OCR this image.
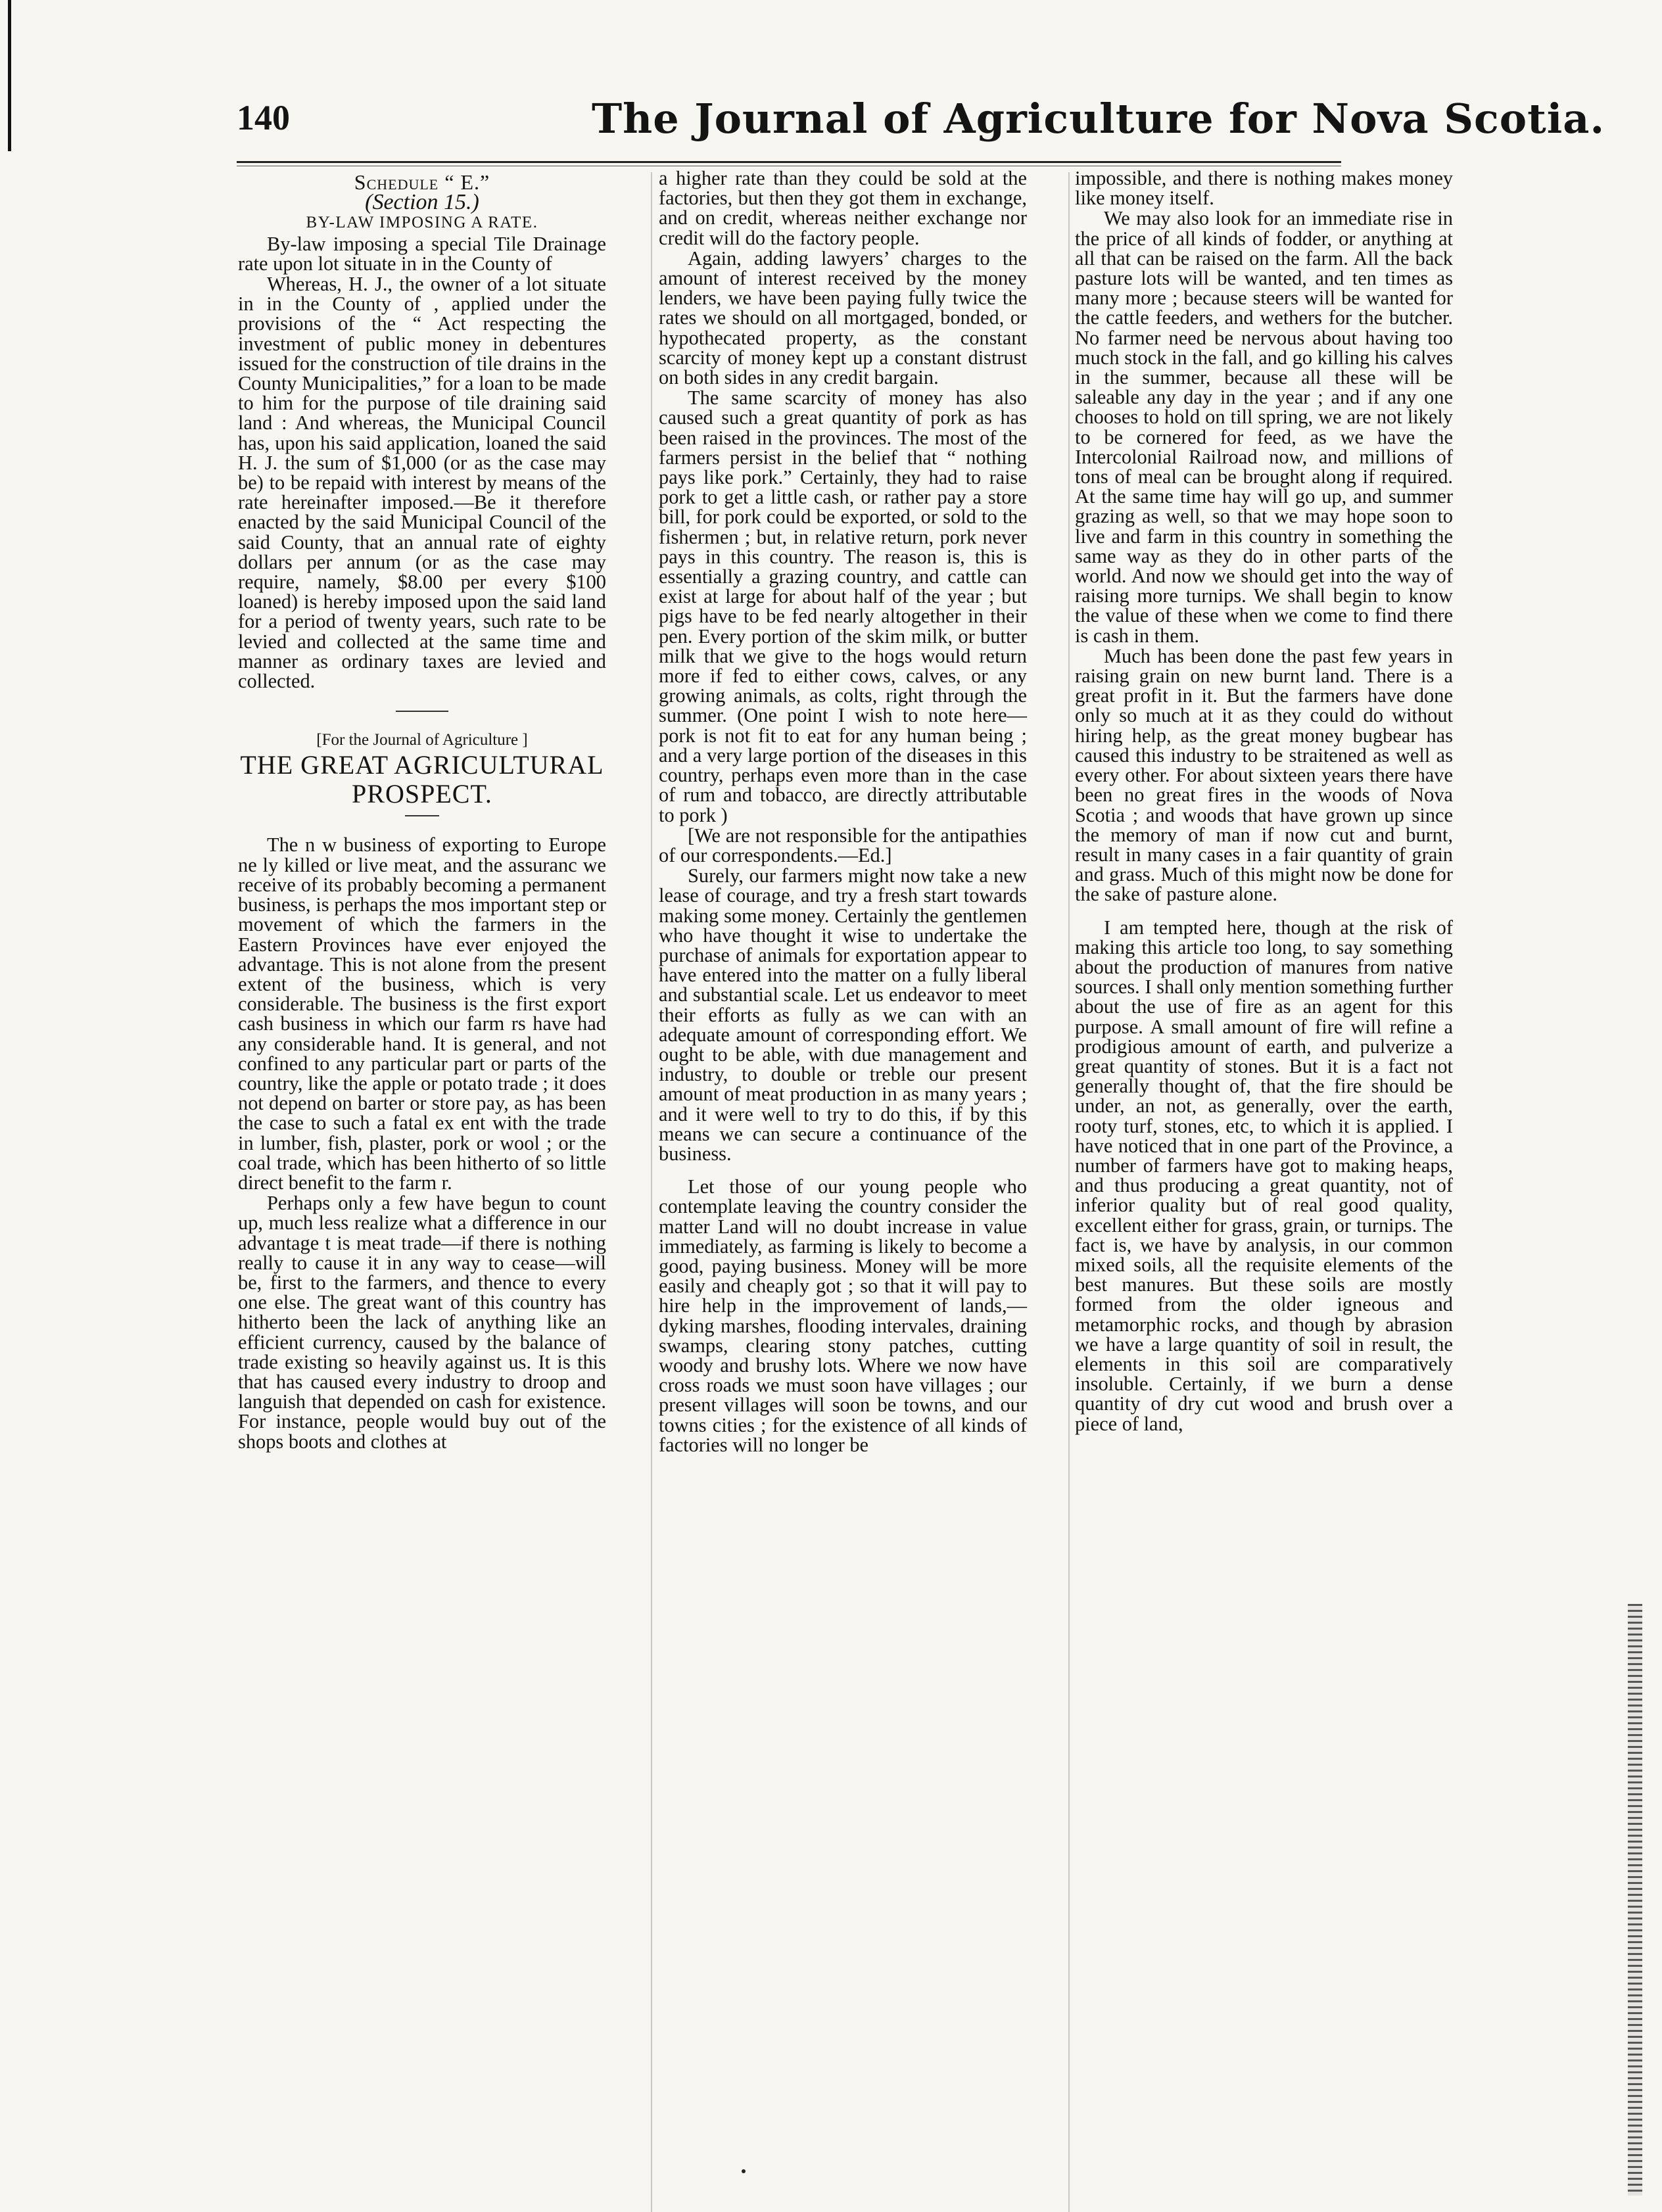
140	The Journal of Agriculture for Nova Scotia.

Schedule “ E.”

(Section 15.)

BY-LAW IMPOSING A RATE.

By-law imposing a special Tile Drainage rate upon lot situate in in the County of

Whereas, H. J., the owner of a lot situate in in the County of , applied under the provisions of the “ Act respecting the investment of public money in debentures issued for the construction of tile drains in the County Municipalities,” for a loan to be made to him for the purpose of tile draining said land : And whereas, the Municipal Council has, upon his said application, loaned the said H. J. the sum of $1,000 (or as the case may be) to be repaid with interest by means of the rate hereinafter imposed.—Be it therefore enacted by the said Municipal Council of the said County, that an annual rate of eighty dollars per annum (or as the case may require, namely, $8.00 per every $100 loaned) is hereby imposed upon the said land for a period of twenty years, such rate to be levied and collected at the same time and manner as ordinary taxes are levied and collected.

[For the Journal of Agriculture ]

THE GREAT AGRICULTURAL PROSPECT.

The n w business of exporting to Europe ne ly killed or live meat, and the assuranc we receive of its probably becoming a permanent business, is perhaps the mos important step or movement of which the farmers in the Eastern Provinces have ever enjoyed the advantage. This is not alone from the present extent of the business, which is very considerable. The business is the first export cash business in which our farm rs have had any considerable hand. It is general, and not confined to any particular part or parts of the country, like the apple or potato trade ; it does not depend on barter or store pay, as has been the case to such a fatal ex ent with the trade in lumber, fish, plaster, pork or wool ; or the coal trade, which has been hitherto of so little direct benefit to the farm r.

Perhaps only a few have begun to count up, much less realize what a difference in our advantage t is meat trade—if there is nothing really to cause it in any way to cease—will be, first to the farmers, and thence to every one else. The great want of this country has hitherto been the lack of anything like an efficient currency, caused by the balance of trade existing so heavily against us. It is this that has caused every industry to droop and languish that depended on cash for existence. For instance, people would buy out of the shops boots and clothes at

a higher rate than they could be sold at the factories, but then they got them in exchange, and on credit, whereas neither exchange nor credit will do the factory people.

Again, adding lawyers’ charges to the amount of interest received by the money lenders, we have been paying fully twice the rates we should on all mortgaged, bonded, or hypothecated property, as the constant scarcity of money kept up a constant distrust on both sides in any credit bargain.

The same scarcity of money has also caused such a great quantity of pork as has been raised in the provinces. The most of the farmers persist in the belief that “ nothing pays like pork.” Certainly, they had to raise pork to get a little cash, or rather pay a store bill, for pork could be exported, or sold to the fishermen ; but, in relative return, pork never pays in this country. The reason is, this is essentially a grazing country, and cattle can exist at large for about half of the year ; but pigs have to be fed nearly altogether in their pen. Every portion of the skim milk, or butter milk that we give to the hogs would return more if fed to either cows, calves, or any growing animals, as colts, right through the summer. (One point I wish to note here—pork is not fit to eat for any human being ; and a very large portion of the diseases in this country, perhaps even more than in the case of rum and tobacco, are directly attributable to pork )

[We are not responsible for the antipathies of our correspondents.—Ed.]

Surely, our farmers might now take a new lease of courage, and try a fresh start towards making some money. Certainly the gentlemen who have thought it wise to undertake the purchase of animals for exportation appear to have entered into the matter on a fully liberal and substantial scale. Let us endeavor to meet their efforts as fully as we can with an adequate amount of corresponding effort. We ought to be able, with due management and industry, to double or treble our present amount of meat production in as many years ; and it were well to try to do this, if by this means we can secure a continuance of the business.

Let those of our young people who contemplate leaving the country consider the matter Land will no doubt increase in value immediately, as farming is likely to become a good, paying business. Money will be more easily and cheaply got ; so that it will pay to hire help in the improvement of lands,—dyking marshes, flooding intervales, draining swamps, clearing stony patches, cutting woody and brushy lots. Where we now have cross roads we must soon have villages ; our present villages will soon be towns, and our towns cities ; for the existence of all kinds of factories will no longer be

impossible, and there is nothing makes money like money itself.

We may also look for an immediate rise in the price of all kinds of fodder, or anything at all that can be raised on the farm. All the back pasture lots will be wanted, and ten times as many more ; because steers will be wanted for the cattle feeders, and wethers for the butcher. No farmer need be nervous about having too much stock in the fall, and go killing his calves in the summer, because all these will be saleable any day in the year ; and if any one chooses to hold on till spring, we are not likely to be cornered for feed, as we have the Intercolonial Railroad now, and millions of tons of meal can be brought along if required. At the same time hay will go up, and summer grazing as well, so that we may hope soon to live and farm in this country in something the same way as they do in other parts of the world. And now we should get into the way of raising more turnips. We shall begin to know the value of these when we come to find there is cash in them.

Much has been done the past few years in raising grain on new burnt land. There is a great profit in it. But the farmers have done only so much at it as they could do without hiring help, as the great money bugbear has caused this industry to be straitened as well as every other. For about sixteen years there have been no great fires in the woods of Nova Scotia ; and woods that have grown up since the memory of man if now cut and burnt, result in many cases in a fair quantity of grain and grass. Much of this might now be done for the sake of pasture alone.

I am tempted here, though at the risk of making this article too long, to say something about the production of manures from native sources. I shall only mention something further about the use of fire as an agent for this purpose. A small amount of fire will refine a prodigious amount of earth, and pulverize a great quantity of stones. But it is a fact not generally thought of, that the fire should be under, an not, as generally, over the earth, rooty turf, stones, etc, to which it is applied. I have noticed that in one part of the Province, a number of farmers have got to making heaps, and thus producing a great quantity, not of inferior quality but of real good quality, excellent either for grass, grain, or turnips. The fact is, we have by analysis, in our common mixed soils, all the requisite elements of the best manures. But these soils are mostly formed from the older igneous and metamorphic rocks, and though by abrasion we have a large quantity of soil in result, the elements in this soil are comparatively insoluble. Certainly, if we burn a dense quantity of dry cut wood and brush over a piece of land,
